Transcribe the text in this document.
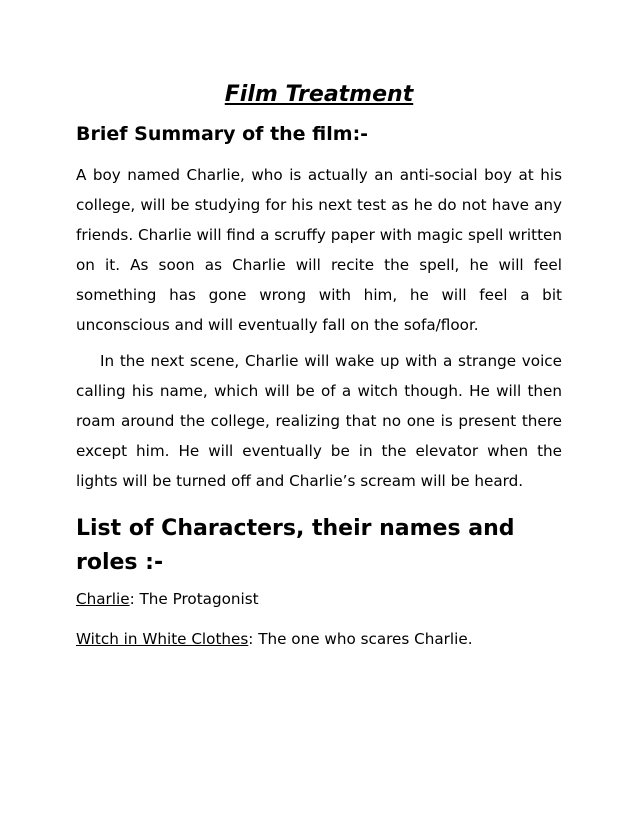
Film Treatment
Brief Summary of the film:-

A boy named Charlie, who is actually an anti-social boy at his college, will be studying for his next test as he do not have any friends. Charlie will find a scruffy paper with magic spell written on it. As soon as Charlie will recite the spell, he will feel something has gone wrong with him, he will feel a bit unconscious and will eventually fall on the sofa/floor.

In the next scene, Charlie will wake up with a strange voice calling his name, which will be of a witch though. He will then roam around the college, realizing that no one is present there except him. He will eventually be in the elevator when the lights will be turned off and Charlie’s scream will be heard.

List of Characters, their names and roles :-

Charlie: The Protagonist

Witch in White Clothes: The one who scares Charlie.
